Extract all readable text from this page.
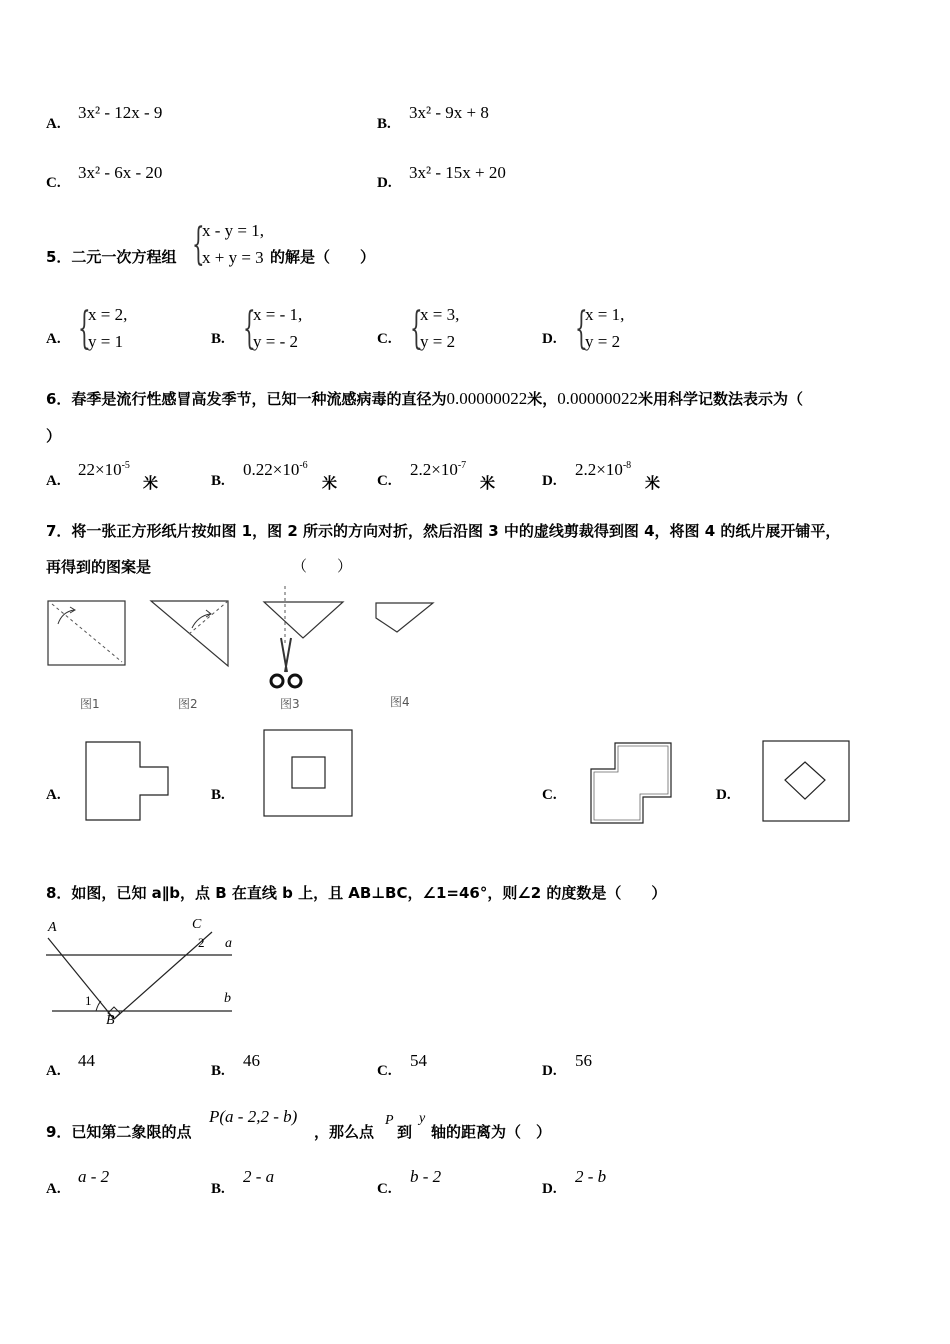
A.
3x² - 12x - 9
B.
3x² - 9x + 8
C.
3x² - 6x - 20
D.
3x² - 15x + 20
5．二元一次方程组 {
x - y = 1,
x + y = 3 的解是（　　）
A. {
x = 2,
y = 1	B. {
x = - 1,
y = - 2	C. {
x = 3,
y = 2	D. {
x = 1,
y = 2
6．春季是流行性感冒高发季节，已知一种流感病毒的直径为0.00000022米，0.00000022米用科学记数法表示为（
）
A.
$22\times 10^{-5}$
米	B.
$0.22\times 10^{-6}$
米	C.
$2.2\times 10^{-7}$
米	D.
$2.2\times 10^{-8}$
米
7．将一张正方形纸片按如图 1，图 2 所示的方向对折，然后沿图 3 中的虚线剪裁得到图 4，将图 4 的纸片展开铺平，
再得到的图案是	（　　）
图1	图2	图3	图4
A.	B.	C.	D.
8．如图，已知 a∥b，点 B 在直线 b 上，且 AB⊥BC，∠1=46°，则∠2 的度数是（　　）
A	C
2 a
1	b
B
A.
44
B.
46
C.
54
D.
56
9．已知第二象限的点
P(a - 2,2 - b)
，那么点
P
到
y
轴的距离为（　）
A.
a - 2
B.
2 - a
C.
b - 2
D.
2 - b
